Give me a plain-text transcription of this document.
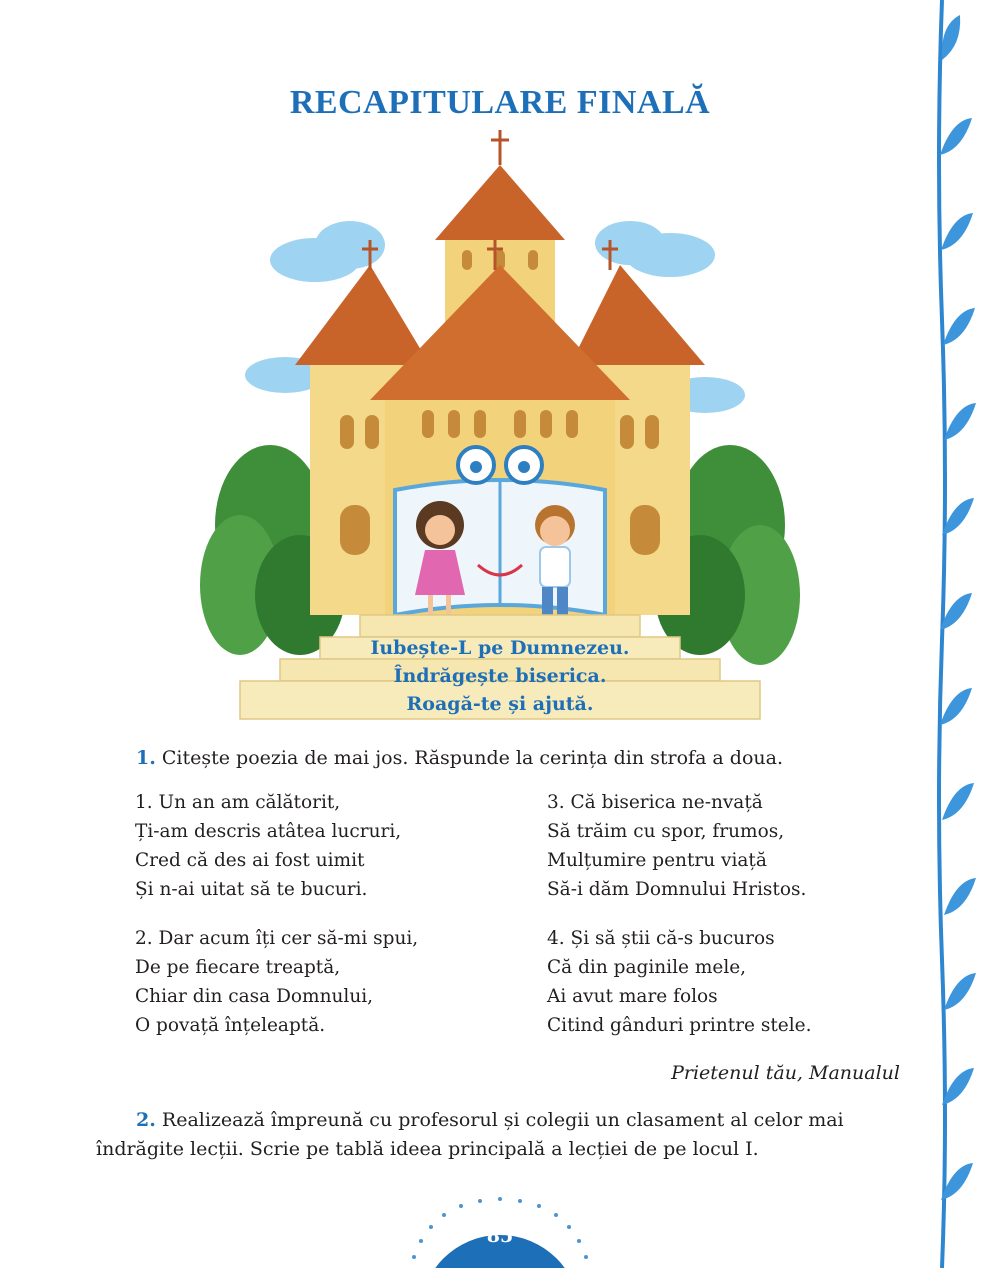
RECAPITULARE FINALĂ
Iubește-L pe Dumnezeu.
Îndrăgește biserica.
Roagă-te și ajută.
1. Citește poezia de mai jos. Răspunde la cerința din strofa a doua.
1. Un an am călătorit,
Ți-am descris atâtea lucruri,
Cred că des ai fost uimit
Și n-ai uitat să te bucuri.
2. Dar acum îți cer să-mi spui,
De pe fiecare treaptă,
Chiar din casa Domnului,
O povață înțeleaptă.
3. Că biserica ne-nvață
Să trăim cu spor, frumos,
Mulțumire pentru viață
Să-i dăm Domnului Hristos.
4. Și să știi că-s bucuros
Că din paginile mele,
Ai avut mare folos
Citind gânduri printre stele.
Prietenul tău, Manualul
2. Realizează împreună cu profesorul și colegii un clasament al celor mai îndrăgite lecții. Scrie pe tablă ideea principală a lecției de pe locul I.
85
